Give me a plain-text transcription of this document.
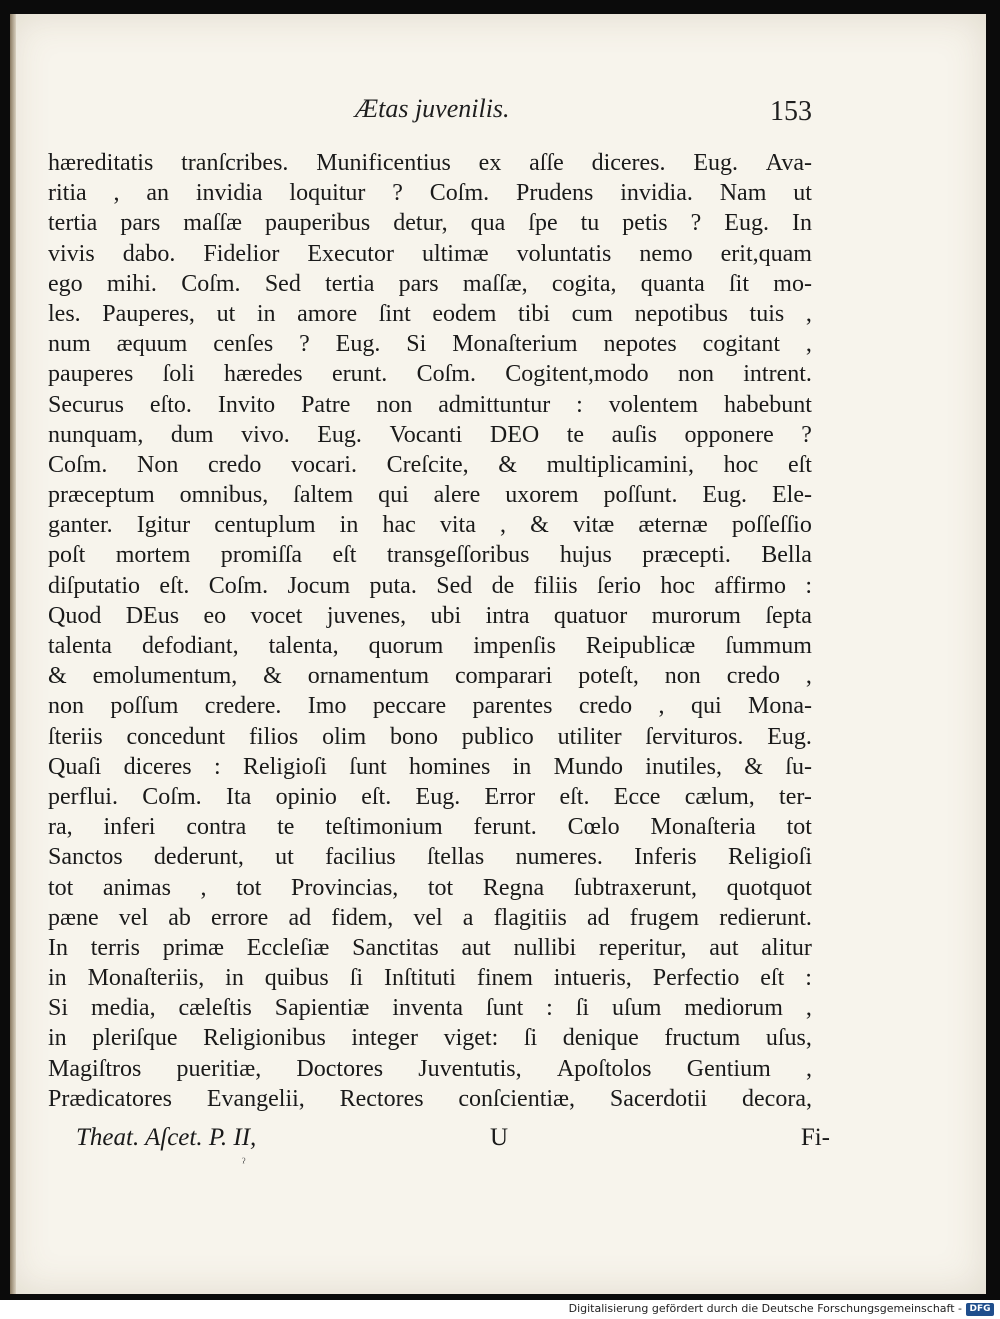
Ætas juvenilis.	153
hæreditatis tranſcribes. Munificentius ex aſſe diceres. Eug. Ava-
ritia , an invidia loquitur ? Coſm. Prudens invidia. Nam ut
tertia pars maſſæ pauperibus detur, qua ſpe tu petis ? Eug. In
vivis dabo. Fidelior Executor ultimæ voluntatis nemo erit,quam
ego mihi. Coſm. Sed tertia pars maſſæ, cogita, quanta ſit mo-
les. Pauperes, ut in amore ſint eodem tibi cum nepotibus tuis ,
num æquum cenſes ? Eug. Si Monaſterium nepotes cogitant ,
pauperes ſoli hæredes erunt. Coſm. Cogitent,modo non intrent.
Securus eſto. Invito Patre non admittuntur : volentem habebunt
nunquam, dum vivo. Eug. Vocanti DEO te auſis opponere ?
Coſm. Non credo vocari. Creſcite, & multiplicamini, hoc eſt
præceptum omnibus, ſaltem qui alere uxorem poſſunt. Eug. Ele-
ganter. Igitur centuplum in hac vita , & vitæ æternæ poſſeſſio
poſt mortem promiſſa eſt transgeſſoribus hujus præcepti. Bella
diſputatio eſt. Coſm. Jocum puta. Sed de filiis ſerio hoc affirmo :
Quod DEus eo vocet juvenes, ubi intra quatuor murorum ſepta
talenta defodiant, talenta, quorum impenſis Reipublicæ ſummum
& emolumentum, & ornamentum comparari poteſt, non credo ,
non poſſum credere. Imo peccare parentes credo , qui Mona-
ſteriis concedunt filios olim bono publico utiliter ſervituros. Eug.
Quaſi diceres : Religioſi ſunt homines in Mundo inutiles, & ſu-
perflui. Coſm. Ita opinio eſt. Eug. Error eſt. Ecce cælum, ter-
ra, inferi contra te teſtimonium ferunt. Cœlo Monaſteria tot
Sanctos dederunt, ut facilius ſtellas numeres. Inferis Religioſi
tot animas , tot Provincias, tot Regna ſubtraxerunt, quotquot
pæne vel ab errore ad fidem, vel a flagitiis ad frugem redierunt.
In terris primæ Eccleſiæ Sanctitas aut nullibi reperitur, aut alitur
in Monaſteriis, in quibus ſi Inſtituti finem intueris, Perfectio eſt :
Si media, cæleſtis Sapientiæ inventa ſunt : ſi uſum mediorum ,
in pleriſque Religionibus integer viget: ſi denique fructum uſus,
Magiſtros pueritiæ, Doctores Juventutis, Apoſtolos Gentium ,
Prædicatores Evangelii, Rectores conſcientiæ, Sacerdotii decora,
Theat. Aſcet. P. II,	U	Fi-
ˀ
Digitalisierung gefördert durch die Deutsche Forschungsgemeinschaft - DFG
